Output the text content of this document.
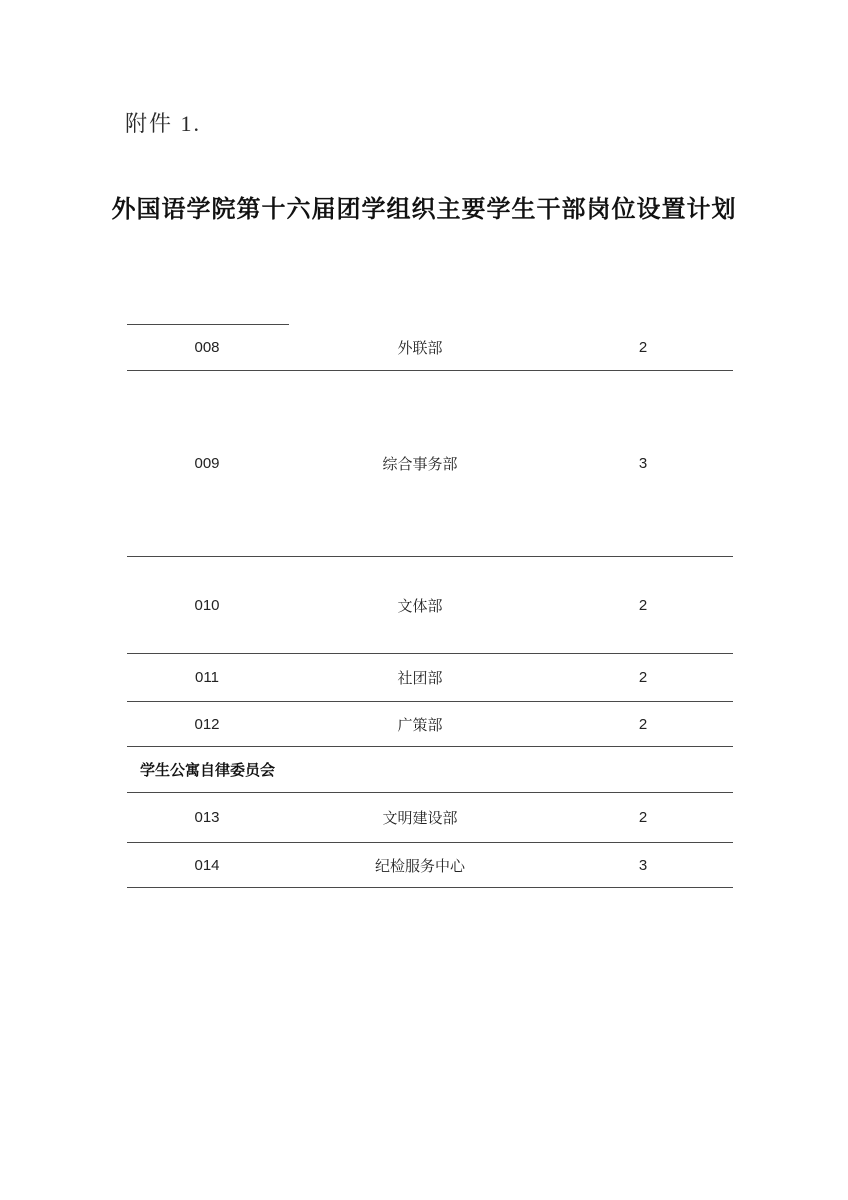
附件 1.
外国语学院第十六届团学组织主要学生干部岗位设置计划
008	外联部	2
009	综合事务部	3
010	文体部	2
011	社团部	2
012	广策部	2
学生公寓自律委员会
013	文明建设部	2
014	纪检服务中心	3
